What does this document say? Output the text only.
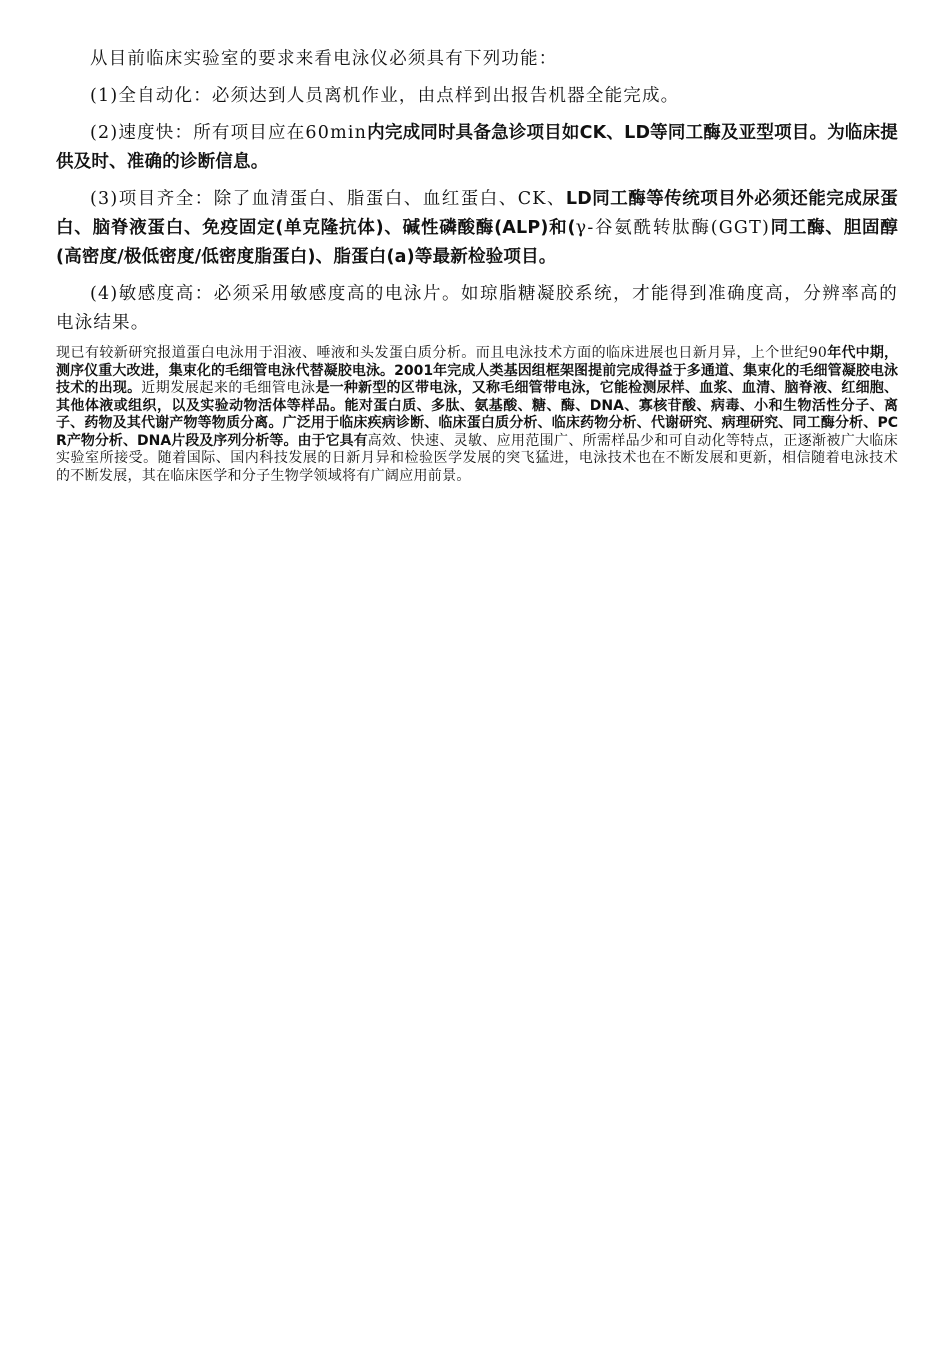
从目前临床实验室的要求来看电泳仪必须具有下列功能：

(1)全自动化：必须达到人员离机作业，由点样到出报告机器全能完成。

(2)速度快：所有项目应在60min内完成同时具备急诊项目如CK、LD等同工酶及亚型项目。为临床提供及时、准确的诊断信息。

(3)项目齐全：除了血清蛋白、脂蛋白、血红蛋白、CK、LD同工酶等传统项目外必须还能完成尿蛋白、脑脊液蛋白、免疫固定(单克隆抗体)、碱性磷酸酶(ALP)和(γ-谷氨酰转肽酶(GGT)同工酶、胆固醇(高密度/极低密度/低密度脂蛋白)、脂蛋白(a)等最新检验项目。

(4)敏感度高：必须采用敏感度高的电泳片。如琼脂糖凝胶系统，才能得到准确度高，分辨率高的电泳结果。

现已有较新研究报道蛋白电泳用于泪液、唾液和头发蛋白质分析。而且电泳技术方面的临床进展也日新月异，上个世纪90年代中期，测序仪重大改进，集束化的毛细管电泳代替凝胶电泳。2001年完成人类基因组框架图提前完成得益于多通道、集束化的毛细管凝胶电泳技术的出现。近期发展起来的毛细管电泳是一种新型的区带电泳，又称毛细管带电泳，它能检测尿样、血浆、血清、脑脊液、红细胞、其他体液或组织，以及实验动物活体等样品。能对蛋白质、多肽、氨基酸、糖、酶、DNA、寡核苷酸、病毒、小和生物活性分子、离子、药物及其代谢产物等物质分离。广泛用于临床疾病诊断、临床蛋白质分析、临床药物分析、代谢研究、病理研究、同工酶分析、PCR产物分析、DNA片段及序列分析等。由于它具有高效、快速、灵敏、应用范围广、所需样品少和可自动化等特点，正逐渐被广大临床实验室所接受。随着国际、国内科技发展的日新月异和检验医学发展的突飞猛进，电泳技术也在不断发展和更新，相信随着电泳技术的不断发展，其在临床医学和分子生物学领域将有广阔应用前景。
